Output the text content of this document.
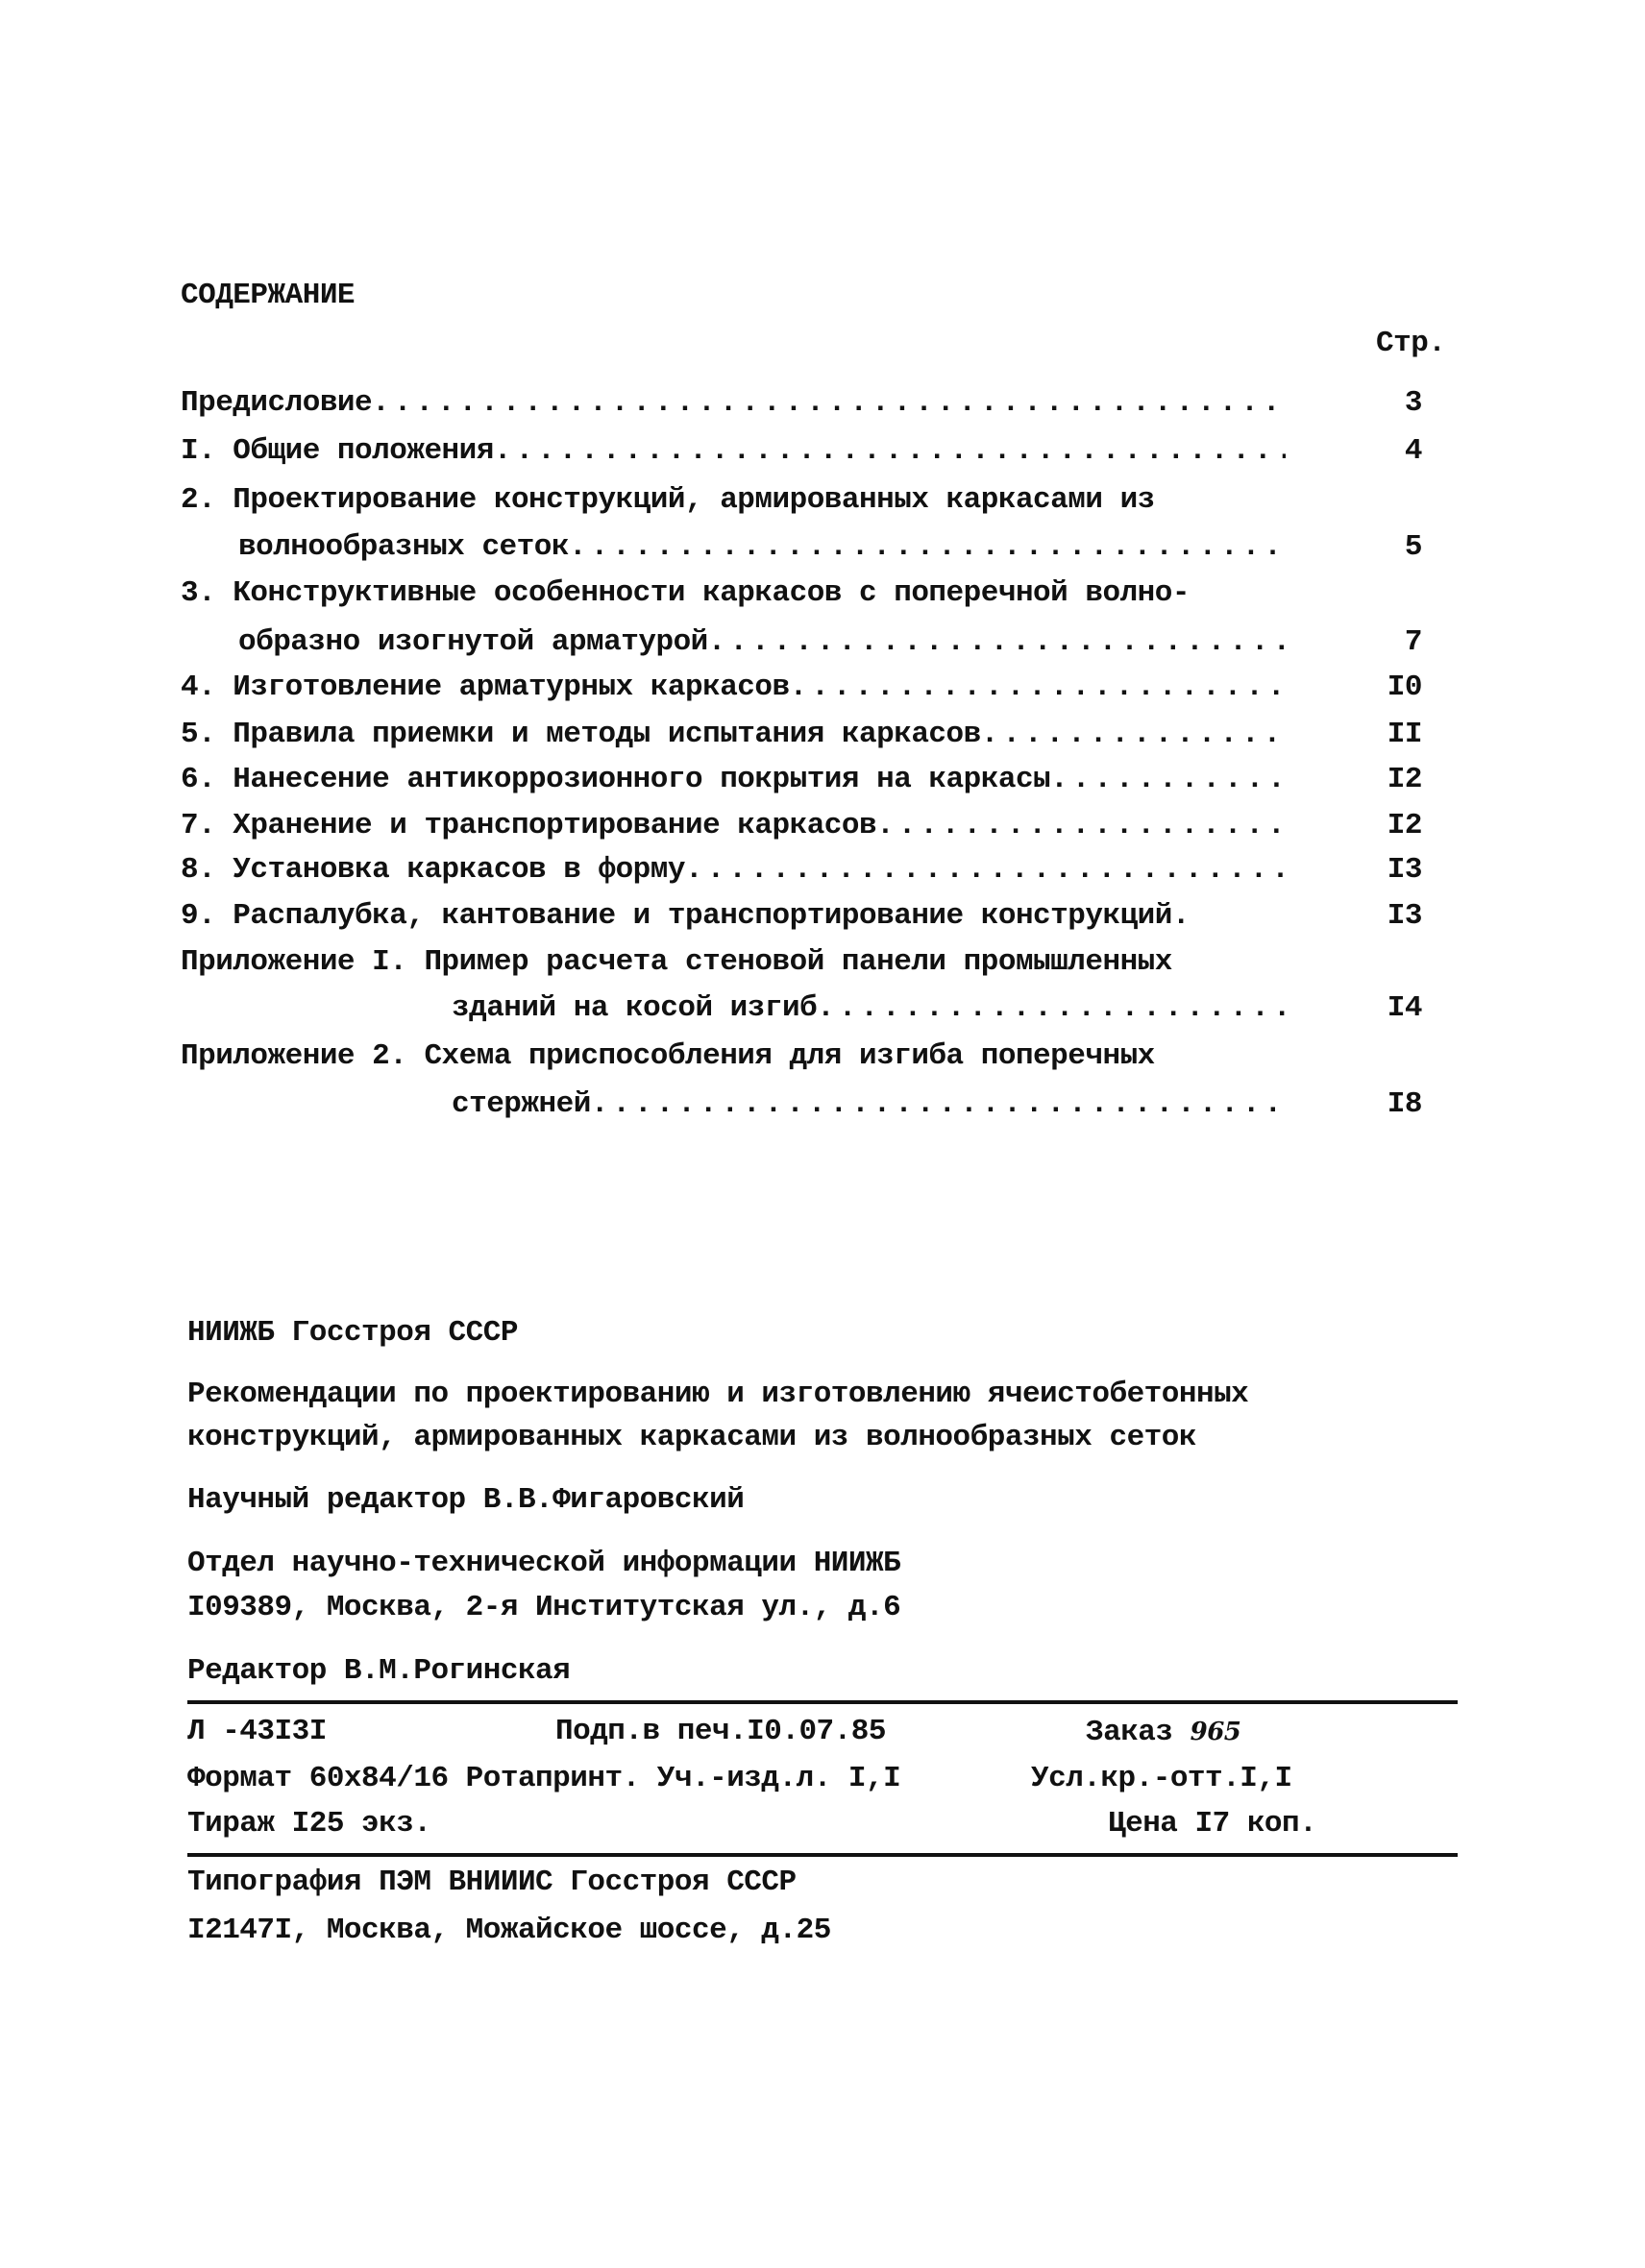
СОДЕРЖАНИЕ
Стр.
Предисловие .....	3
I. Общие положения .....	4
2. Проектирование конструкций, армированных каркасами из
волнообразных сеток .....	5
3. Конструктивные особенности каркасов с поперечной волно-
образно изогнутой арматурой .....	7
4. Изготовление арматурных каркасов .....	I0
5. Правила приемки и методы испытания каркасов .....	II
6. Нанесение антикоррозионного покрытия на каркасы .....	I2
7. Хранение и транспортирование каркасов .....	I2
8. Установка каркасов в форму .....	I3
9. Распалубка, кантование и транспортирование конструкций.	I3
Приложение I. Пример расчета стеновой панели промышленных
зданий на косой изгиб .....	I4
Приложение 2. Схема приспособления для изгиба поперечных
стержней .....	I8
НИИЖБ Госстроя СССР
Рекомендации по проектированию и изготовлению ячеистобетонных
конструкций, армированных каркасами из волнообразных сеток
Научный редактор В.В.Фигаровский
Отдел научно-технической информации НИИЖБ
I09389, Москва, 2-я Институтская ул., д.6
Редактор В.М.Рогинская
Л -43I3I	Подп.в печ.I0.07.85	Заказ 965
Формат 60х84/16 Ротапринт. Уч.-изд.л. I,I	Усл.кр.-отт.I,I
Тираж I25 экз.	Цена I7 коп.
Типография ПЭМ ВНИИИС Госстроя СССР
I2147I, Москва, Можайское шоссе, д.25
